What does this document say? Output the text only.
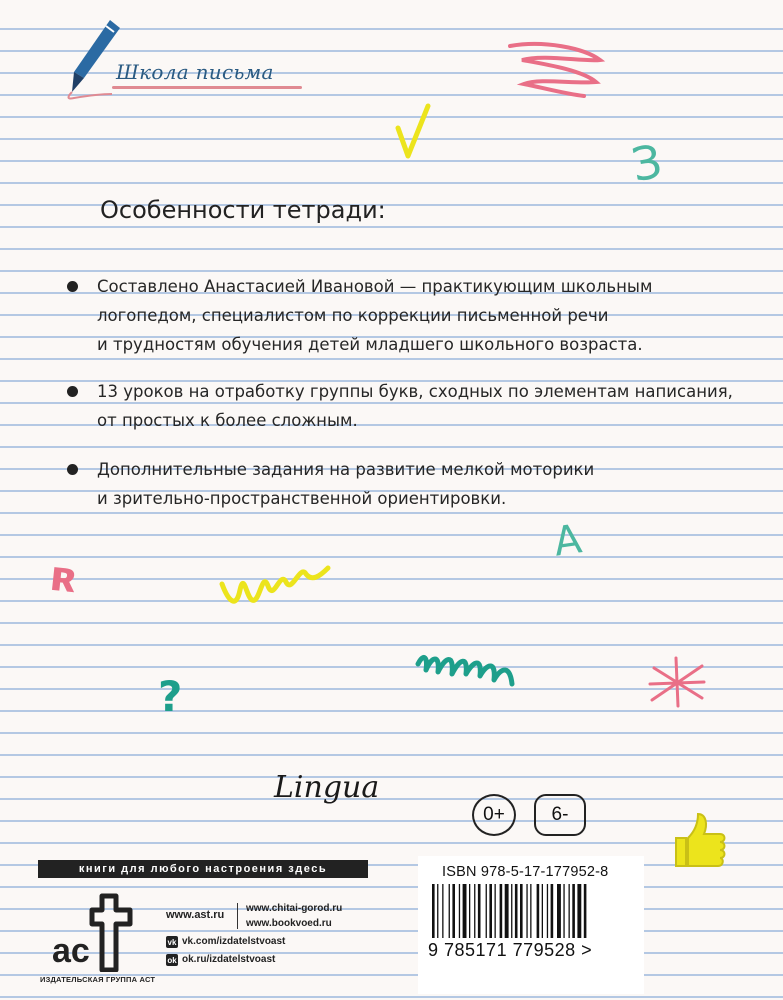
Школа письма
З
Особенности тетради:
Составлено Анастасией Ивановой — практикующим школьным
логопедом, специалистом по коррекции письменной речи
и трудностям обучения детей младшего школьного возраста.
13 уроков на отработку группы букв, сходных по элементам написания,
от простых к более сложным.
Дополнительные задания на развитие мелкой моторики
и зрительно-пространственной ориентировки.
A
я
?
Lingua
0+	6-
книги для любого настроения здесь
ac
ИЗДАТЕЛЬСКАЯ ГРУППА АСТ
www.ast.ru
www.chitai-gorod.ru
www.bookvoed.ru
vk vk.com/izdatelstvoast
ok ok.ru/izdatelstvoast
ISBN 978-5-17-177952-8
9 785171 779528 >
